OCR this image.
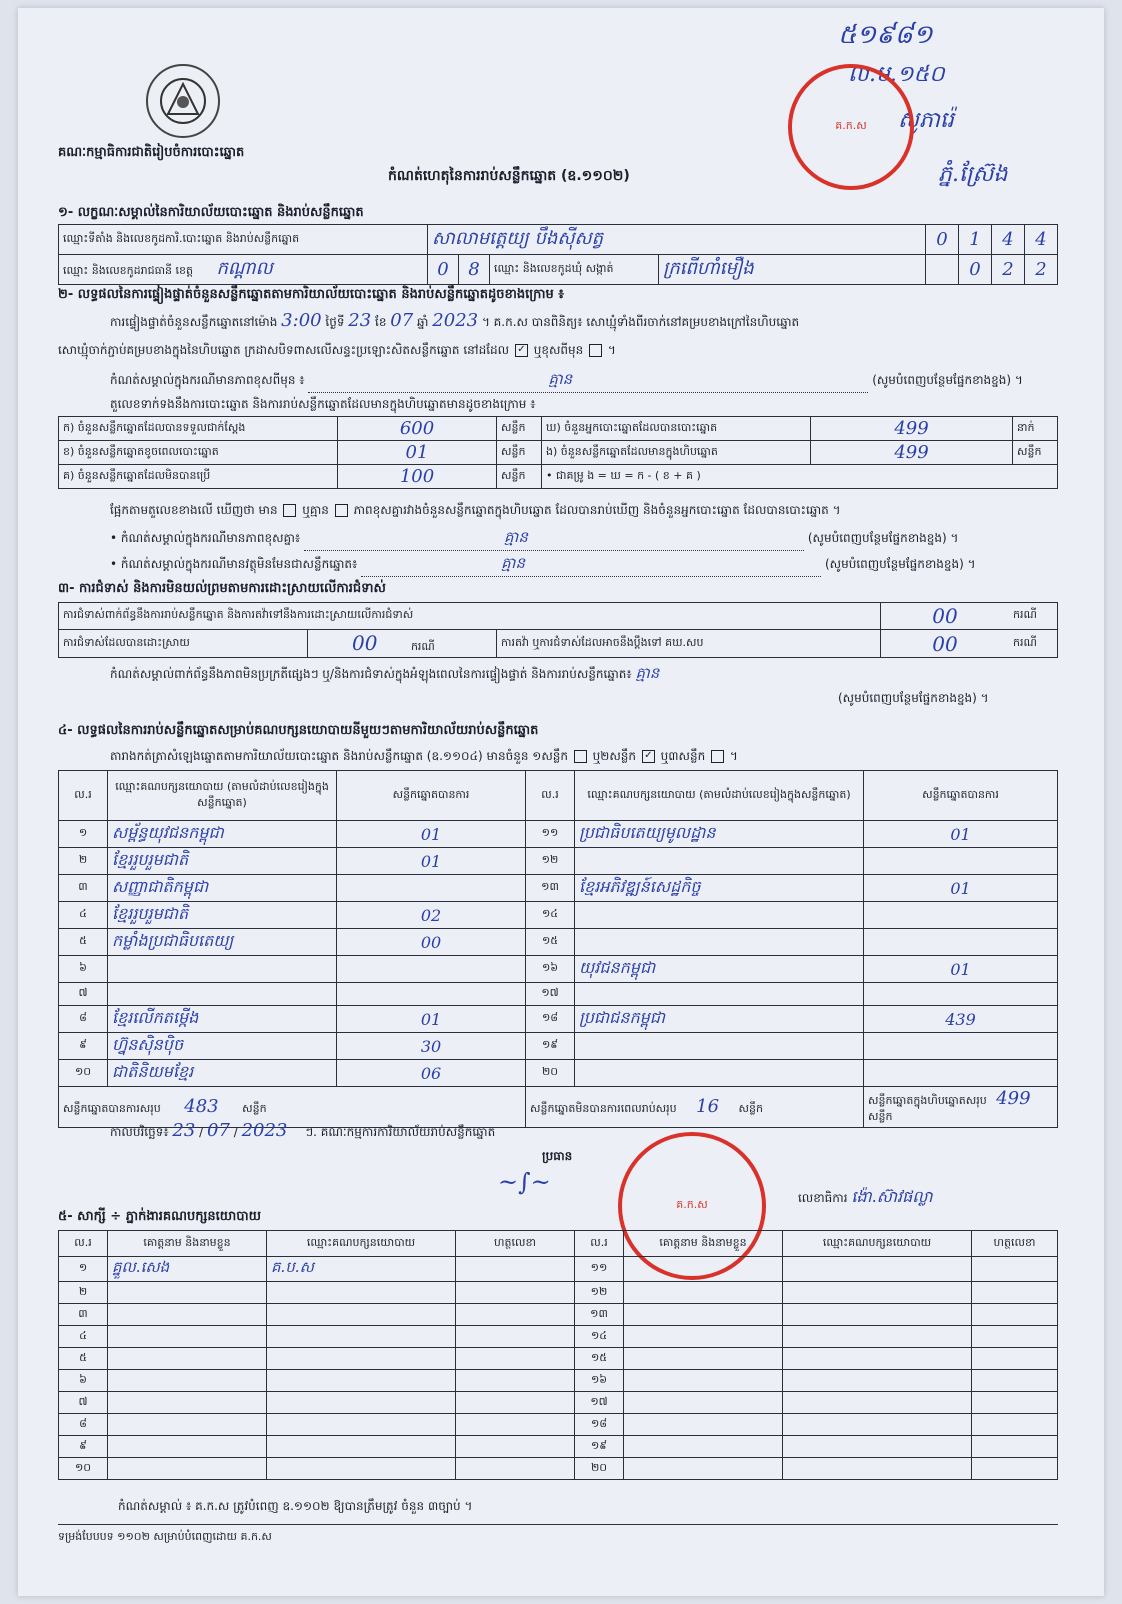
គណៈកម្មាធិការជាតិរៀបចំការបោះឆ្នោត
កំណត់ហេតុនៃការរាប់សន្លឹកឆ្នោត (ឧ.១១០២)
៥១៩៨១
ល.ម.១៥០
សូភារ៉េ
ភ្នំ.ស្រ៊ែង
គ.ក.ស
១- លក្ខណៈសម្គាល់នៃការិយាល័យបោះឆ្នោត និងរាប់សន្លឹកឆ្នោត
ឈ្មោះទីតាំង និងលេខកូដការិ.បោះឆ្នោត និងរាប់សន្លឹកឆ្នោត	សាលាមត្តេយ្យ បឹងស៊ីសត្វ				0	1	4	4
ឈ្មោះ និងលេខកូដរាជធានី ខេត្ត កណ្ដាល	0	8	ឈ្មោះ និងលេខកូដឃុំ សង្កាត់	ក្រពើហាំមឿង		0	2	2
២- លទ្ធផលនៃការផ្ទៀងផ្ទាត់ចំនួនសន្លឹកឆ្នោតតាមការិយាល័យបោះឆ្នោត និងរាប់សន្លឹកឆ្នោតដូចខាងក្រោម ៖
ការផ្ទៀងផ្ទាត់ចំនួនសន្លឹកឆ្នោតនៅម៉ោង 3:00 ថ្ងៃទី 23 ខែ 07 ឆ្នាំ 2023 ។ គ.ក.ស បានពិនិត្យ៖ សោឃ្មុំទាំងពីរចាក់នៅគម្របខាងក្រៅនៃហិបឆ្នោត
សោឃ្មុំចាក់ភ្ជាប់គម្របខាងក្នុងនៃហិបឆ្នោត ក្រដាសបិទពាសលើសន្ទះប្រឡោះសិតសន្លឹកឆ្នោត នៅដដែល ✓ ឬខុសពីមុន  ។
កំណត់សម្គាល់ក្នុងករណីមានភាពខុសពីមុន ៖	គ្មាន	(សូមបំពេញបន្ថែមផ្នែកខាងខ្នង) ។
តួលេខទាក់ទងនឹងការបោះឆ្នោត និងការរាប់សន្លឹកឆ្នោតដែលមានក្នុងហិបឆ្នោតមានដូចខាងក្រោម ៖
ក) ចំនួនសន្លឹកឆ្នោតដែលបានទទួលជាក់ស្ដែង	600	សន្លឹក	ឃ) ចំនួនអ្នកបោះឆ្នោតដែលបានបោះឆ្នោត	499	នាក់
ខ) ចំនួនសន្លឹកឆ្នោតខូចពេលបោះឆ្នោត	01	សន្លឹក	ង) ចំនួនសន្លឹកឆ្នោតដែលមានក្នុងហិបឆ្នោត	499	សន្លឹក
គ) ចំនួនសន្លឹកឆ្នោតដែលមិនបានប្រើ	100	សន្លឹក	• ជាគម្រូ ង = ឃ = ក - ( ខ + គ )		
ផ្អែកតាមតួលេខខាងលើ ឃើញថា មាន ឬគ្មាន ភាពខុសគ្នារវាងចំនួនសន្លឹកឆ្នោតក្នុងហិបឆ្នោត ដែលបានរាប់ឃើញ និងចំនួនអ្នកបោះឆ្នោត ដែលបានបោះឆ្នោត ។
• កំណត់សម្គាល់ក្នុងករណីមានភាពខុសគ្នា៖	គ្មាន	(សូមបំពេញបន្ថែមផ្នែកខាងខ្នង) ។
• កំណត់សម្គាល់ក្នុងករណីមានវត្ថុមិនមែនជាសន្លឹកឆ្នោត៖	គ្មាន	(សូមបំពេញបន្ថែមផ្នែកខាងខ្នង) ។
៣- ការជំទាស់ និងការមិនយល់ព្រមតាមការដោះស្រាយលើការជំទាស់
ការជំទាស់ពាក់ព័ន្ធនឹងការរាប់សន្លឹកឆ្នោត និងការតវ៉ាទៅនឹងការដោះស្រាយលើការជំទាស់			00	ករណី
ការជំទាស់ដែលបានដោះស្រាយ	00 ករណី	ការតវ៉ា ឬការជំទាស់ដែលអាចនឹងប្ដឹងទៅ គឃ.សប	00	ករណី
កំណត់សម្គាល់ពាក់ព័ន្ធនឹងភាពមិនប្រក្រតីផ្សេងៗ ឬ/និងការជំទាស់ក្នុងអំឡុងពេលនៃការផ្ទៀងផ្ទាត់ និងការរាប់សន្លឹកឆ្នោត៖ គ្មាន
(សូមបំពេញបន្ថែមផ្នែកខាងខ្នង) ។
៤- លទ្ធផលនៃការរាប់សន្លឹកឆ្នោតសម្រាប់គណបក្សនយោបាយនីមួយៗតាមការិយាល័យរាប់សន្លឹកឆ្នោត
តារាងកត់ត្រាសំឡេងឆ្នោតតាមការិយាល័យបោះឆ្នោត និងរាប់សន្លឹកឆ្នោត (ឧ.១១០៤) មានចំនួន ១សន្លឹក ឬ២សន្លឹក ✓ ឬ៣សន្លឹក  ។
ល.រ	ឈ្មោះគណបក្សនយោបាយ (តាមលំដាប់លេខរៀងក្នុងសន្លឹកឆ្នោត)	សន្លឹកឆ្នោតបានការ	ល.រ	ឈ្មោះគណបក្សនយោបាយ (តាមលំដាប់លេខរៀងក្នុងសន្លឹកឆ្នោត)	សន្លឹកឆ្នោតបានការ
១	សម្ព័ន្ធយុវជនកម្ពុជា	01	១១	ប្រជាធិបតេយ្យមូលដ្ឋាន	01
២	ខ្មែររួបរួមជាតិ	01	១២		
៣	សញ្ញាជាតិកម្ពុជា		១៣	ខ្មែរអភិវឌ្ឍន៍សេដ្ឋកិច្ច	01
៤	ខ្មែររួបរួមជាតិ	02	១៤		
៥	កម្លាំងប្រជាធិបតេយ្យ	00	១៥		
៦			១៦	យុវជនកម្ពុជា	01
៧			១៧		
៨	ខ្មែរលើកតម្កើង	01	១៨	ប្រជាជនកម្ពុជា	439
៩	ហ្វ៊ុនស៊ិនប៉ិច	30	១៩		
១០	ជាតិនិយមខ្មែរ	06	២០		
សន្លឹកឆ្នោតបានការសរុប 483 សន្លឹក			សន្លឹកឆ្នោតមិនបានការពេលរាប់សរុប 16 សន្លឹក		សន្លឹកឆ្នោតក្នុងហិបឆ្នោតសរុប 499 សន្លឹក
កាលបរិច្ឆេទ៖ 23 / 07 / 2023 ៗ. គណៈកម្មការការិយាល័យរាប់សន្លឹកឆ្នោត
ប្រធាន
~∫~
គ.ក.ស	លេខាធិការ ង៉ោ.ស៊ាវផល្លា
៥- សាក្សី ÷ ភ្នាក់ងារគណបក្សនយោបាយ
ល.រ	គោត្តនាម និងនាមខ្លួន	ឈ្មោះគណបក្សនយោបាយ	ហត្ថលេខា	ល.រ	គោត្តនាម និងនាមខ្លួន	ឈ្មោះគណបក្សនយោបាយ	ហត្ថលេខា
១	គ្នួល.សេង	គ.ប.ស		១១			
២				១២			
៣				១៣			
៤				១៤			
៥				១៥			
៦				១៦			
៧				១៧			
៨				១៨			
៩				១៩			
១០				២០			
កំណត់សម្គាល់ ៖ គ.ក.ស ត្រូវបំពេញ ឧ.១១០២ ឱ្យបានត្រឹមត្រូវ ចំនួន ៣ច្បាប់ ។
ទម្រង់បែបបទ ១១០២ សម្រាប់បំពេញដោយ គ.ក.ស
